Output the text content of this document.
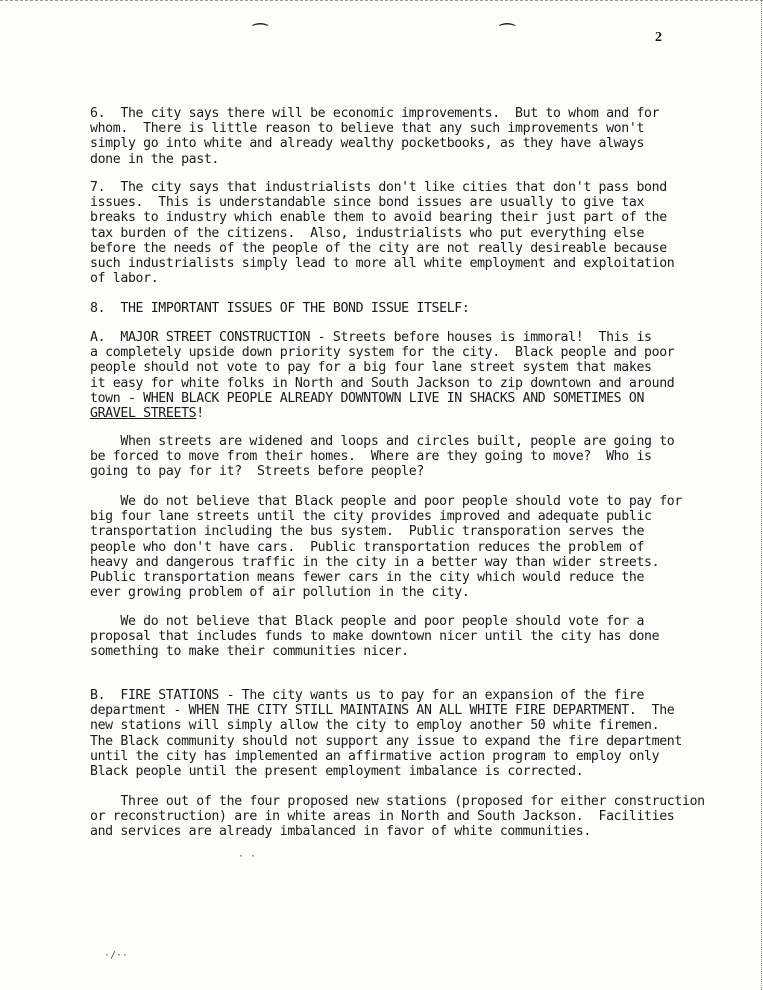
⁀	⁀	2

6.  The city says there will be economic improvements.  But to whom and for
whom.  There is little reason to believe that any such improvements won't
simply go into white and already wealthy pocketbooks, as they have always
done in the past.

7.  The city says that industrialists don't like cities that don't pass bond
issues.  This is understandable since bond issues are usually to give tax
breaks to industry which enable them to avoid bearing their just part of the
tax burden of the citizens.  Also, industrialists who put everything else
before the needs of the people of the city are not really desireable because
such industrialists simply lead to more all white employment and exploitation
of labor.

8.  THE IMPORTANT ISSUES OF THE BOND ISSUE ITSELF:

A.  MAJOR STREET CONSTRUCTION - Streets before houses is immoral!  This is
a completely upside down priority system for the city.  Black people and poor
people should not vote to pay for a big four lane street system that makes
it easy for white folks in North and South Jackson to zip downtown and around
town - WHEN BLACK PEOPLE ALREADY DOWNTOWN LIVE IN SHACKS AND SOMETIMES ON
GRAVEL STREETS!

When streets are widened and loops and circles built, people are going to
be forced to move from their homes.  Where are they going to move?  Who is
going to pay for it?  Streets before people?

We do not believe that Black people and poor people should vote to pay for
big four lane streets until the city provides improved and adequate public
transportation including the bus system.  Public transporation serves the
people who don't have cars.  Public transportation reduces the problem of
heavy and dangerous traffic in the city in a better way than wider streets.
Public transportation means fewer cars in the city which would reduce the
ever growing problem of air pollution in the city.

We do not believe that Black people and poor people should vote for a
proposal that includes funds to make downtown nicer until the city has done
something to make their communities nicer.

B.  FIRE STATIONS - The city wants us to pay for an expansion of the fire
department - WHEN THE CITY STILL MAINTAINS AN ALL WHITE FIRE DEPARTMENT.  The
new stations will simply allow the city to employ another 50 white firemen.
The Black community should not support any issue to expand the fire department
until the city has implemented an affirmative action program to employ only
Black people until the present employment imbalance is corrected.

Three out of the four proposed new stations (proposed for either construction
or reconstruction) are in white areas in North and South Jackson.  Facilities
and services are already imbalanced in favor of white communities.

· ·
·/··
